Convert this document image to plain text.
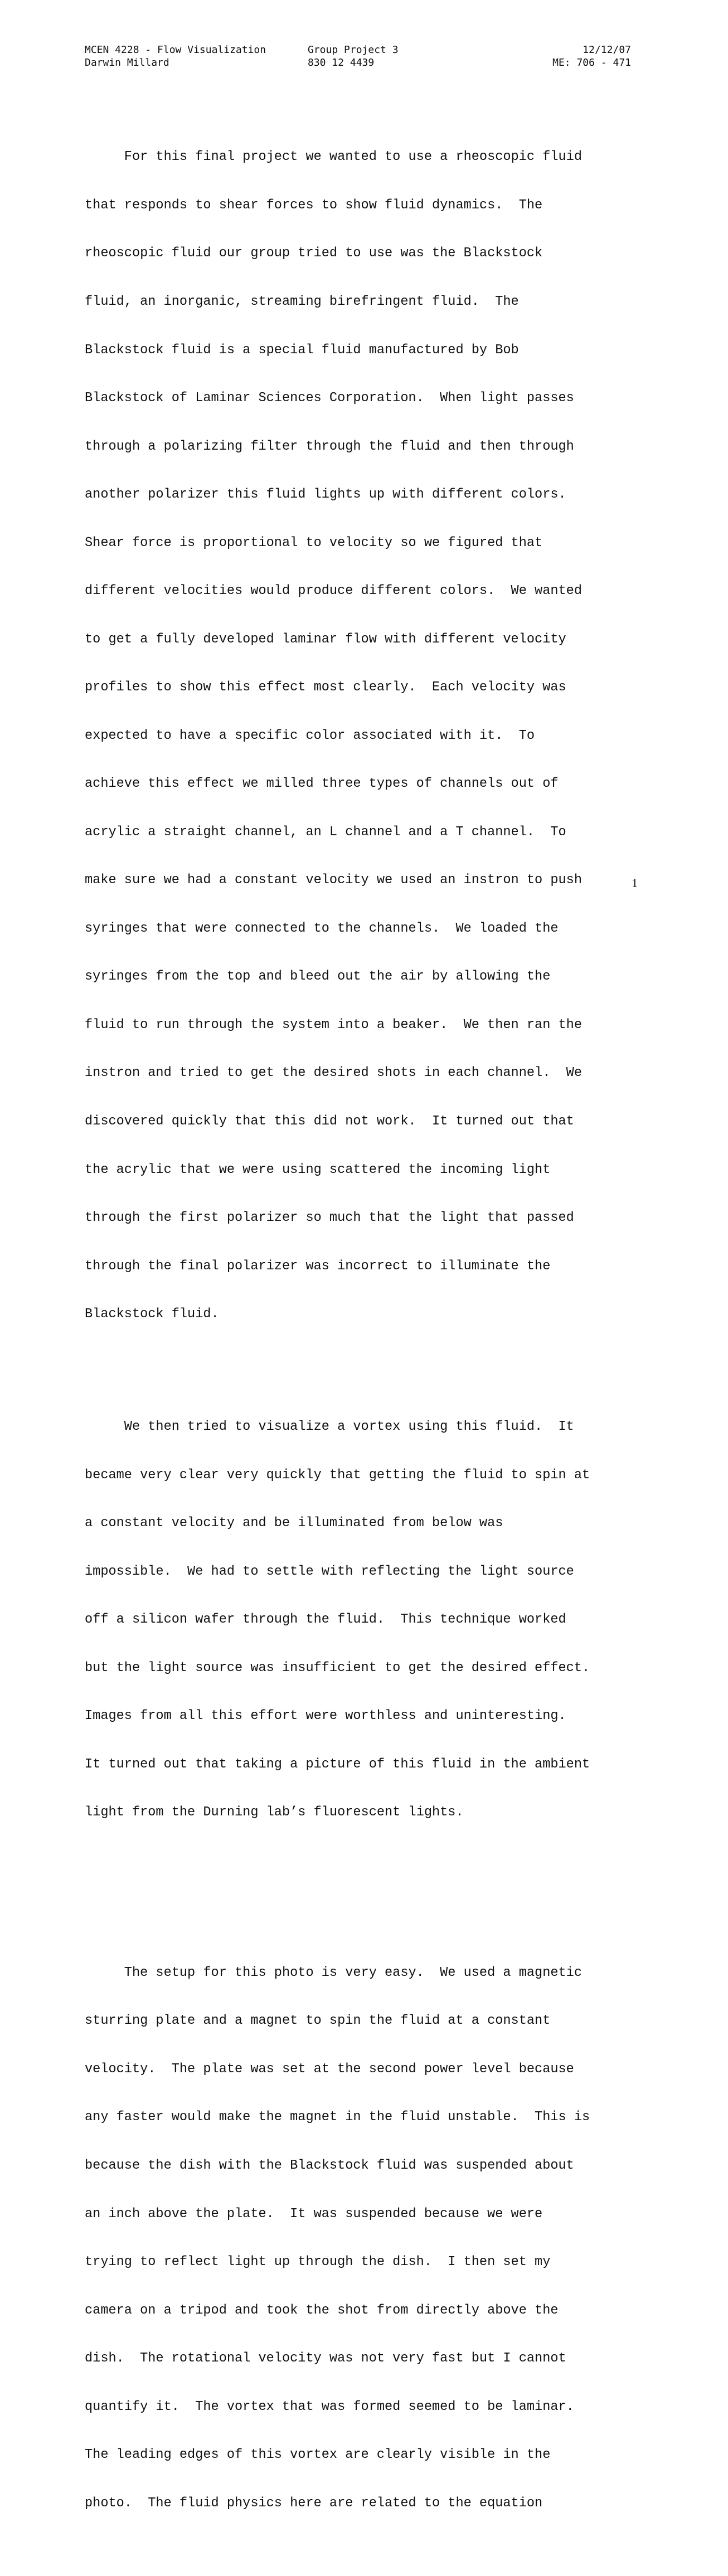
MCEN 4228 - Flow Visualization

	Group Project 3

	12/12/07

Darwin Millard

	830 12 4439

	ME: 706 - 471

For this final project we wanted to use a rheoscopic fluid

that responds to shear forces to show fluid dynamics.  The

rheoscopic fluid our group tried to use was the Blackstock

fluid, an inorganic, streaming birefringent fluid.  The

Blackstock fluid is a special fluid manufactured by Bob

Blackstock of Laminar Sciences Corporation.  When light passes

through a polarizing filter through the fluid and then through

another polarizer this fluid lights up with different colors.

Shear force is proportional to velocity so we figured that

different velocities would produce different colors.  We wanted

to get a fully developed laminar flow with different velocity

profiles to show this effect most clearly.  Each velocity was

expected to have a specific color associated with it.  To

achieve this effect we milled three types of channels out of

acrylic a straight channel, an L channel and a T channel.  To

make sure we had a constant velocity we used an instron to push

syringes that were connected to the channels.  We loaded the

syringes from the top and bleed out the air by allowing the

fluid to run through the system into a beaker.  We then ran the

instron and tried to get the desired shots in each channel.  We

discovered quickly that this did not work.  It turned out that

the acrylic that we were using scattered the incoming light

through the first polarizer so much that the light that passed

through the final polarizer was incorrect to illuminate the

Blackstock fluid.

We then tried to visualize a vortex using this fluid.  It

became very clear very quickly that getting the fluid to spin at

a constant velocity and be illuminated from below was

impossible.  We had to settle with reflecting the light source

off a silicon wafer through the fluid.  This technique worked

but the light source was insufficient to get the desired effect.

Images from all this effort were worthless and uninteresting.

It turned out that taking a picture of this fluid in the ambient

light from the Durning lab’s fluorescent lights.

The setup for this photo is very easy.  We used a magnetic

sturring plate and a magnet to spin the fluid at a constant

velocity.  The plate was set at the second power level because

any faster would make the magnet in the fluid unstable.  This is

because the dish with the Blackstock fluid was suspended about

an inch above the plate.  It was suspended because we were

trying to reflect light up through the dish.  I then set my

camera on a tripod and took the shot from directly above the

dish.  The rotational velocity was not very fast but I cannot

quantify it.  The vortex that was formed seemed to be laminar.

The leading edges of this vortex are clearly visible in the

photo.  The fluid physics here are related to the equation

1
